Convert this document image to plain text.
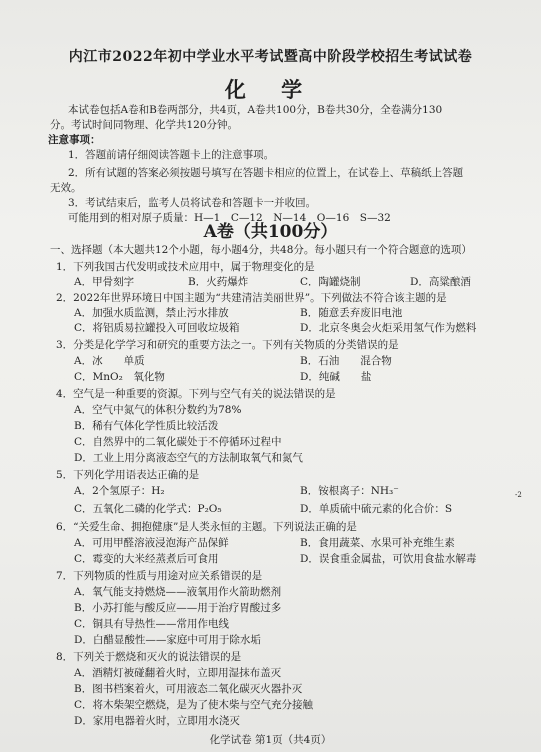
内江市2022年初中学业水平考试暨高中阶段学校招生考试试卷
化 学
本试卷包括A卷和B卷两部分，共4页，A卷共100分，B卷共30分，全卷满分130
分。考试时间同物理、化学共120分钟。
注意事项：
1．答题前请仔细阅读答题卡上的注意事项。
2．所有试题的答案必须按题号填写在答题卡相应的位置上，在试卷上、草稿纸上答题
无效。
3．考试结束后，监考人员将试卷和答题卡一并收回。
可能用到的相对原子质量：H—1　C—12　N—14　O—16　S—32
A卷（共100分）
一、选择题（本大题共12个小题，每小题4分，共48分。每小题只有一个符合题意的选项）
1．下列我国古代发明或技术应用中，属于物理变化的是
A．甲骨刻字	B．火药爆炸	C．陶罐烧制	D．高粱酿酒
2．2022年世界环境日中国主题为“共建清洁美丽世界”。下列做法不符合该主题的是
A．加强水质监测，禁止污水排放	B．随意丢弃废旧电池
C．将铝质易拉罐投入可回收垃圾箱	D．北京冬奥会火炬采用氢气作为燃料
3．分类是化学学习和研究的重要方法之一。下列有关物质的分类错误的是
A．冰　　单质	B．石油　　混合物
C．MnO₂　氧化物	D．纯碱　　盐
4．空气是一种重要的资源。下列与空气有关的说法错误的是
A．空气中氮气的体积分数约为78%
B．稀有气体化学性质比较活泼
C．自然界中的二氧化碳处于不停循环过程中
D．工业上用分离液态空气的方法制取氧气和氮气
5．下列化学用语表达正确的是
A．2个氢原子：H₂	B．铵根离子：NH₃⁻
C．五氧化二磷的化学式：P₂O₅	D．单质硫中硫元素的化合价：S
-2
6．“关爱生命、拥抱健康”是人类永恒的主题。下列说法正确的是
A．可用甲醛溶液浸泡海产品保鲜	B．食用蔬菜、水果可补充维生素
C．霉变的大米经蒸煮后可食用	D．误食重金属盐，可饮用食盐水解毒
7．下列物质的性质与用途对应关系错误的是
A．氧气能支持燃烧——液氧用作火箭助燃剂
B．小苏打能与酸反应——用于治疗胃酸过多
C．铜具有导热性——常用作电线
D．白醋显酸性——家庭中可用于除水垢
8．下列关于燃烧和灭火的说法错误的是
A．酒精灯被碰翻着火时，立即用湿抹布盖灭
B．图书档案着火，可用液态二氧化碳灭火器扑灭
C．将木柴架空燃烧，是为了使木柴与空气充分接触
D．家用电器着火时，立即用水浇灭
化学试卷 第1页（共4页）
